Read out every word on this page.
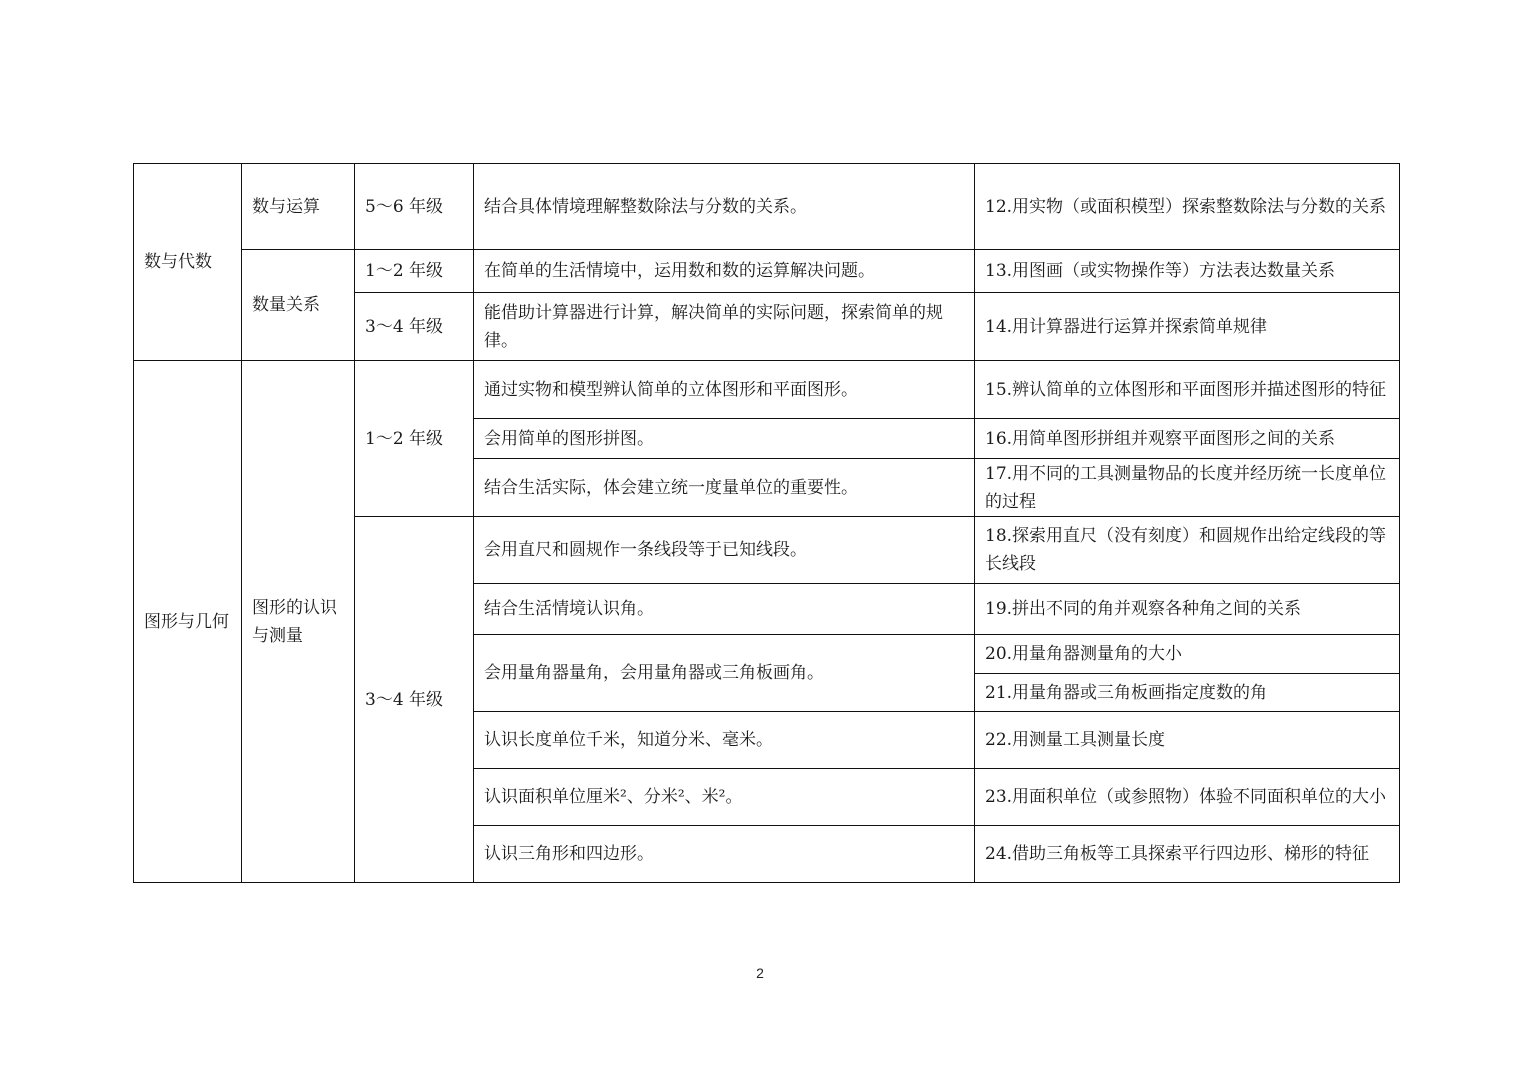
数与代数	数与运算	5～6 年级	结合具体情境理解整数除法与分数的关系。	12.用实物（或面积模型）探索整数除法与分数的关系
	数量关系	1～2 年级	在简单的生活情境中，运用数和数的运算解决问题。	13.用图画（或实物操作等）方法表达数量关系
		3～4 年级	能借助计算器进行计算，解决简单的实际问题，探索简单的规律。	14.用计算器进行运算并探索简单规律
图形与几何	图形的认识与测量	1～2 年级	通过实物和模型辨认简单的立体图形和平面图形。	15.辨认简单的立体图形和平面图形并描述图形的特征
			会用简单的图形拼图。	16.用简单图形拼组并观察平面图形之间的关系
			结合生活实际，体会建立统一度量单位的重要性。	17.用不同的工具测量物品的长度并经历统一长度单位的过程
		3～4 年级	会用直尺和圆规作一条线段等于已知线段。	18.探索用直尺（没有刻度）和圆规作出给定线段的等长线段
			结合生活情境认识角。	19.拼出不同的角并观察各种角之间的关系
			会用量角器量角，会用量角器或三角板画角。	20.用量角器测量角的大小
				21.用量角器或三角板画指定度数的角
			认识长度单位千米，知道分米、毫米。	22.用测量工具测量长度
			认识面积单位厘米²、分米²、米²。	23.用面积单位（或参照物）体验不同面积单位的大小
			认识三角形和四边形。	24.借助三角板等工具探索平行四边形、梯形的特征
2
